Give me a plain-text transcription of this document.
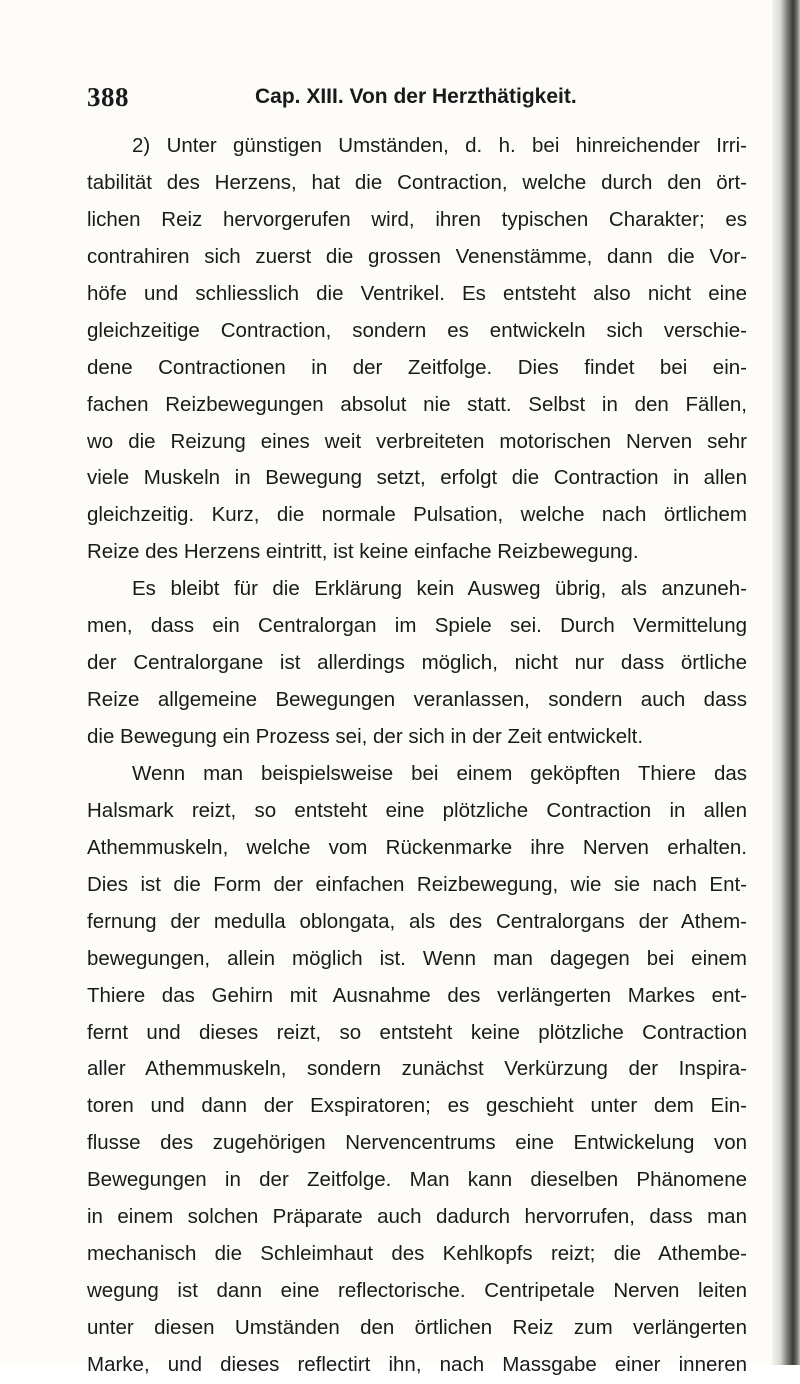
388	Cap. XIII. Von der Herzthätigkeit.
2) Unter günstigen Umständen, d. h. bei hinreichender Irri-
tabilität des Herzens, hat die Contraction, welche durch den ört-
lichen Reiz hervorgerufen wird, ihren typischen Charakter; es
contrahiren sich zuerst die grossen Venenstämme, dann die Vor-
höfe und schliesslich die Ventrikel. Es entsteht also nicht eine
gleichzeitige Contraction, sondern es entwickeln sich verschie-
dene Contractionen in der Zeitfolge. Dies findet bei ein-
fachen Reizbewegungen absolut nie statt. Selbst in den Fällen,
wo die Reizung eines weit verbreiteten motorischen Nerven sehr
viele Muskeln in Bewegung setzt, erfolgt die Contraction in allen
gleichzeitig. Kurz, die normale Pulsation, welche nach örtlichem
Reize des Herzens eintritt, ist keine einfache Reizbewegung.
Es bleibt für die Erklärung kein Ausweg übrig, als anzuneh-
men, dass ein Centralorgan im Spiele sei. Durch Vermittelung
der Centralorgane ist allerdings möglich, nicht nur dass örtliche
Reize allgemeine Bewegungen veranlassen, sondern auch dass
die Bewegung ein Prozess sei, der sich in der Zeit entwickelt.
Wenn man beispielsweise bei einem geköpften Thiere das
Halsmark reizt, so entsteht eine plötzliche Contraction in allen
Athemmuskeln, welche vom Rückenmarke ihre Nerven erhalten.
Dies ist die Form der einfachen Reizbewegung, wie sie nach Ent-
fernung der medulla oblongata, als des Centralorgans der Athem-
bewegungen, allein möglich ist. Wenn man dagegen bei einem
Thiere das Gehirn mit Ausnahme des verlängerten Markes ent-
fernt und dieses reizt, so entsteht keine plötzliche Contraction
aller Athemmuskeln, sondern zunächst Verkürzung der Inspira-
toren und dann der Exspiratoren; es geschieht unter dem Ein-
flusse des zugehörigen Nervencentrums eine Entwickelung von
Bewegungen in der Zeitfolge. Man kann dieselben Phänomene
in einem solchen Präparate auch dadurch hervorrufen, dass man
mechanisch die Schleimhaut des Kehlkopfs reizt; die Athembe-
wegung ist dann eine reflectorische. Centripetale Nerven leiten
unter diesen Umständen den örtlichen Reiz zum verlängerten
Marke, und dieses reflectirt ihn, nach Massgabe einer inneren
